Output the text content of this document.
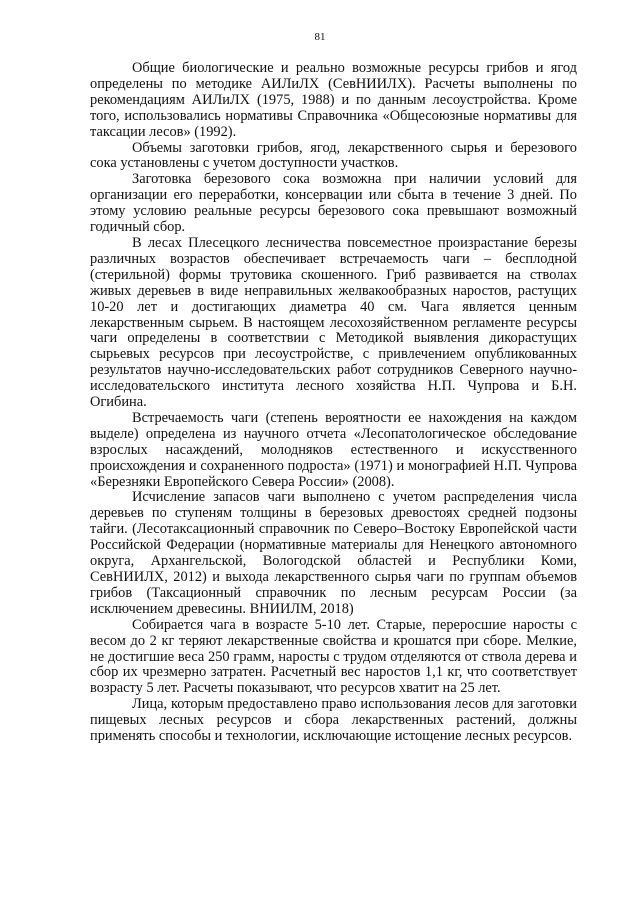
81

Общие биологические и реально возможные ресурсы грибов и ягод определены по методике АИЛиЛХ (СевНИИЛХ). Расчеты выполнены по рекомендациям АИЛиЛХ (1975, 1988) и по данным лесоустройства. Кроме того, использовались нормативы Справочника «Общесоюзные нормативы для таксации лесов» (1992).

Объемы заготовки грибов, ягод, лекарственного сырья и березового сока установлены с учетом доступности участков.

Заготовка березового сока возможна при наличии условий для организации его переработки, консервации или сбыта в течение 3 дней. По этому условию реальные ресурсы березового сока превышают возможный годичный сбор.

В лесах Плесецкого лесничества повсеместное произрастание березы различных возрастов обеспечивает встречаемость чаги – бесплодной (стерильной) формы трутовика скошенного. Гриб развивается на стволах живых деревьев в виде неправильных желвакообразных наростов, растущих 10-20 лет и достигающих диаметра 40 см. Чага является ценным лекарственным сырьем. В настоящем лесохозяйственном регламенте ресурсы чаги определены в соответствии с Методикой выявления дикорастущих сырьевых ресурсов при лесоустройстве, с привлечением опубликованных результатов научно-исследовательских работ сотрудников Северного научно-исследовательского института лесного хозяйства Н.П. Чупрова и Б.Н. Огибина.

Встречаемость чаги (степень вероятности ее нахождения на каждом выделе) определена из научного отчета «Лесопатологическое обследование взрослых насаждений, молодняков естественного и искусственного происхождения и сохраненного подроста» (1971) и монографией Н.П. Чупрова «Березняки Европейского Севера России» (2008).

Исчисление запасов чаги выполнено с учетом распределения числа деревьев по ступеням толщины в березовых древостоях средней подзоны тайги. (Лесотаксационный справочник по Северо–Востоку Европейской части Российской Федерации (нормативные материалы для Ненецкого автономного округа, Архангельской, Вологодской областей и Республики Коми, СевНИИЛХ, 2012) и выхода лекарственного сырья чаги по группам объемов грибов (Таксационный справочник по лесным ресурсам России (за исключением древесины. ВНИИЛМ, 2018)

Собирается чага в возрасте 5-10 лет. Старые, переросшие наросты с весом до 2 кг теряют лекарственные свойства и крошатся при сборе. Мелкие, не достигшие веса 250 грамм, наросты с трудом отделяются от ствола дерева и сбор их чрезмерно затратен. Расчетный вес наростов 1,1 кг, что соответствует возрасту 5 лет. Расчеты показывают, что ресурсов хватит на 25 лет.

Лица, которым предоставлено право использования лесов для заготовки пищевых лесных ресурсов и сбора лекарственных растений, должны применять способы и технологии, исключающие истощение лесных ресурсов.
